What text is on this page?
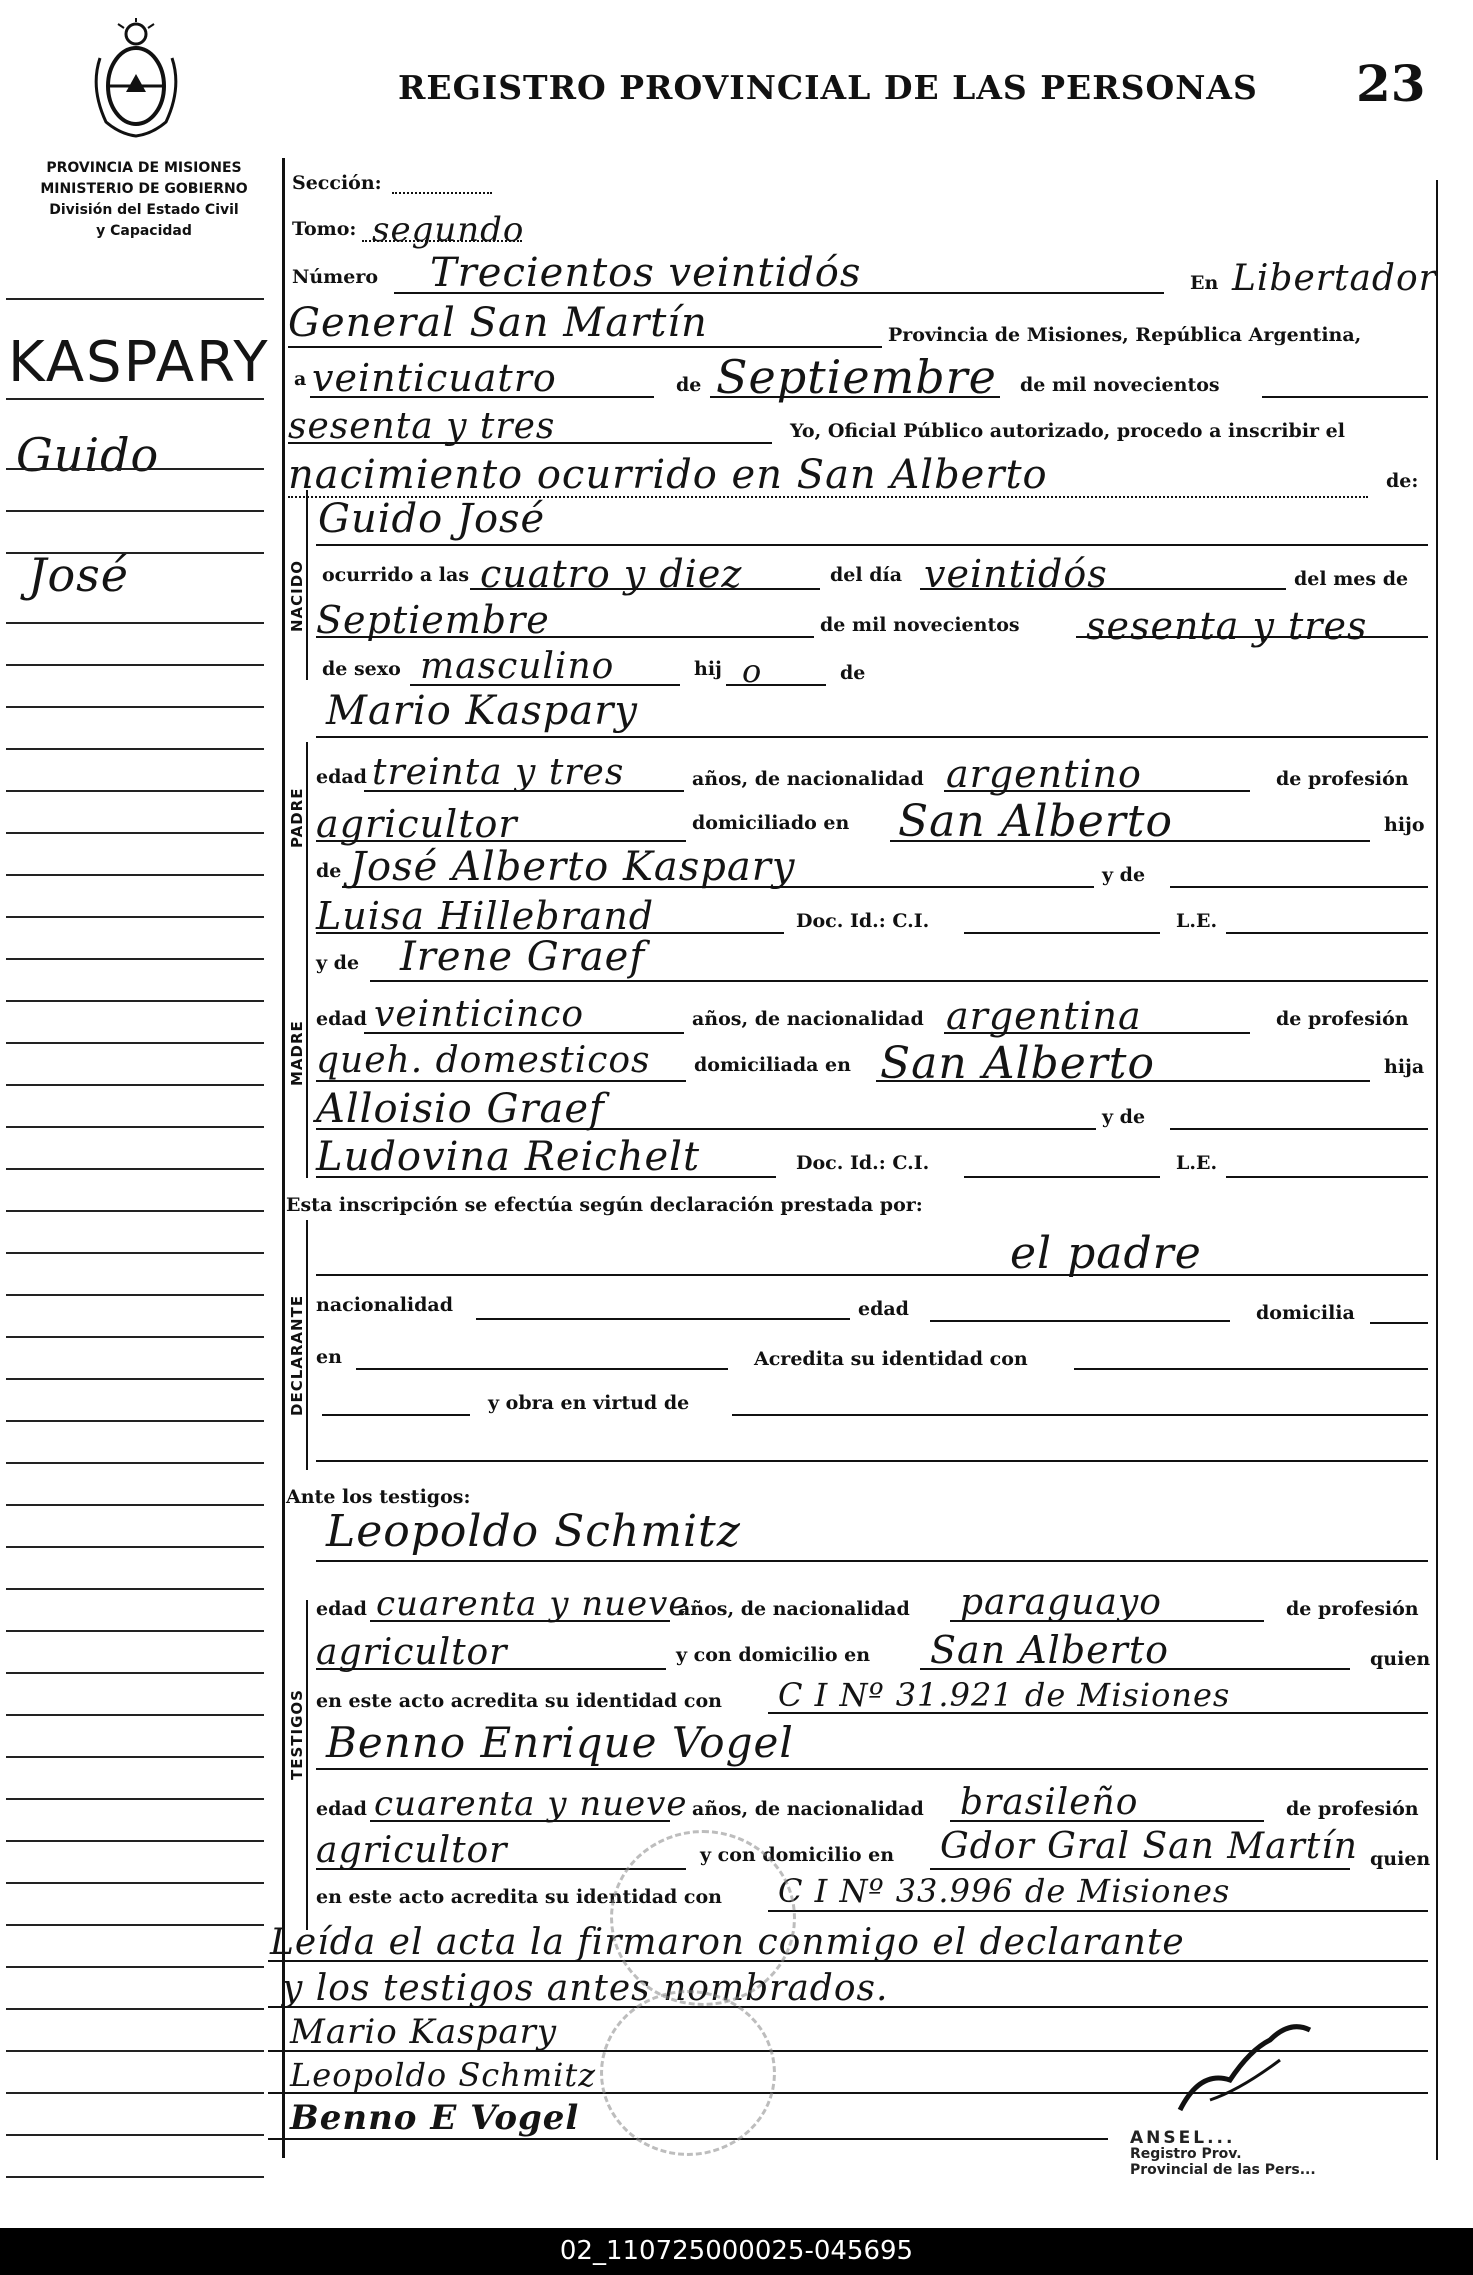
REGISTRO PROVINCIAL DE LAS PERSONAS 23
PROVINCIA DE MISIONES
MINISTERIO DE GOBIERNO
División del Estado Civil
y Capacidad
KASPARY
Guido
José
Sección:
Tomo: segundo
Número Trecientos veintidós	En Libertador
General San Martín	Provincia de Misiones, República Argentina,
a veinticuatro	de Septiembre de mil novecientos
sesenta y tres	Yo, Oficial Público autorizado, procedo a inscribir el
nacimiento ocurrido en San Alberto	de:
NACIDO
Guido José
ocurrido a las cuatro y diez	del día veintidós	del mes de
Septiembre	de mil novecientos sesenta y tres
de sexo masculino	hij o	de
PADRE
Mario Kaspary
edad treinta y tres	años, de nacionalidad argentino	de profesión
agricultor	domiciliado en San Alberto	hijo
de José Alberto Kaspary	y de
Luisa Hillebrand	Doc. Id.: C.I.	L.E.
MADRE
y de Irene Graef
edad veinticinco	años, de nacionalidad argentina	de profesión
queh. domesticos domiciliada en San Alberto	hija
Alloisio Graef	y de
Ludovina Reichelt	Doc. Id.: C.I.	L.E.
Esta inscripción se efectúa según declaración prestada por:
DECLARANTE
el padre
nacionalidad	edad	domicilia
en	Acredita su identidad con
y obra en virtud de
Ante los testigos:
TESTIGOS
Leopoldo Schmitz
edad cuarenta y nueve
años, de nacionalidad paraguayo	de profesión
agricultor	y con domicilio en San Alberto	quien
en este acto acredita su identidad con C I Nº 31.921 de Misiones
Benno Enrique Vogel
edad cuarenta y nueve años, de nacionalidad brasileño	de profesión
agricultor	y con domicilio en Gdor Gral San Martín quien
en este acto acredita su identidad con C I Nº 33.996 de Misiones
Leída el acta la firmaron conmigo el declarante
y los testigos antes nombrados.
Mario Kaspary
Leopoldo Schmitz
Benno E Vogel	ANSEL...
Registro Prov.
Provincial de las Pers...
02_110725000025-045695
